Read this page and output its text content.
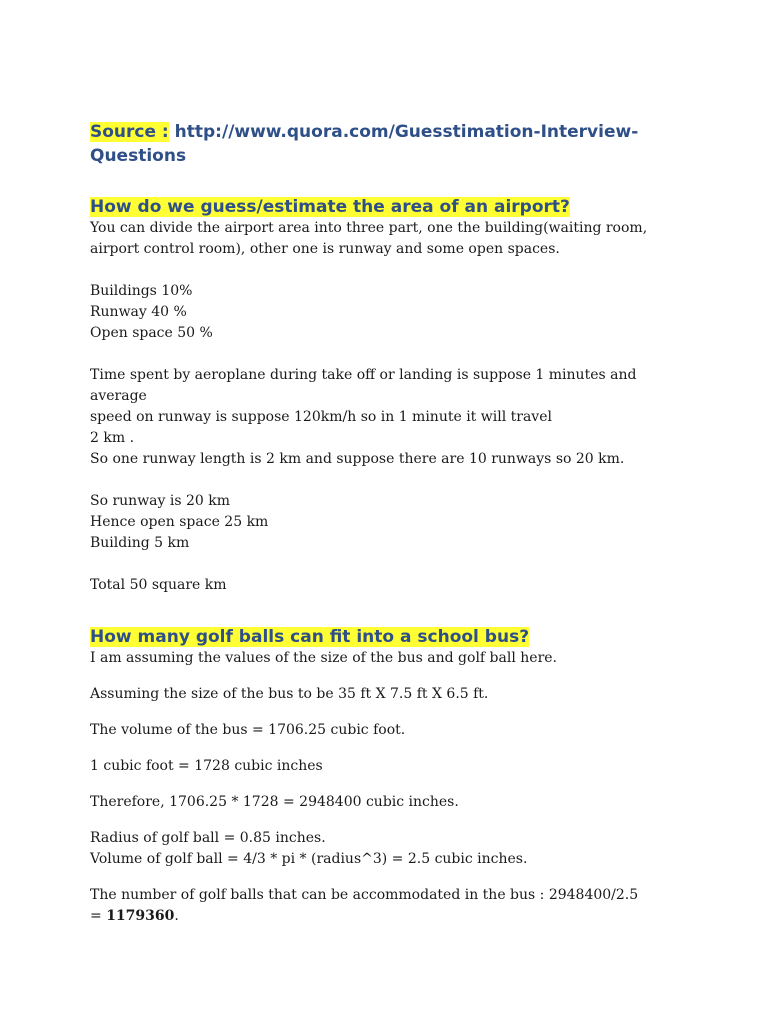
Source : http://www.quora.com/Guesstimation-Interview-Questions

How do we guess/estimate the area of an airport?

You can divide the airport area into three part, one the building(waiting room,

airport control room), other one is runway and some open spaces.

Buildings 10%

Runway 40 %

Open space 50 %

Time spent by aeroplane during take off or landing is suppose 1 minutes and average

speed on runway is suppose 120km/h so in 1 minute it will travel

2 km .

So one runway length is 2 km and suppose there are 10 runways so 20 km.

So runway is 20 km

Hence open space 25 km

Building 5 km

Total 50 square km

How many golf balls can fit into a school bus?

I am assuming the values of the size of the bus and golf ball here.

Assuming the size of the bus to be 35 ft X 7.5 ft X 6.5 ft.

The volume of the bus = 1706.25 cubic foot.

1 cubic foot = 1728 cubic inches

Therefore, 1706.25 * 1728 = 2948400 cubic inches.

Radius of golf ball = 0.85 inches.

Volume of golf ball = 4/3 * pi * (radius^3) = 2.5 cubic inches.

The number of golf balls that can be accommodated in the bus : 2948400/2.5

= 1179360.
